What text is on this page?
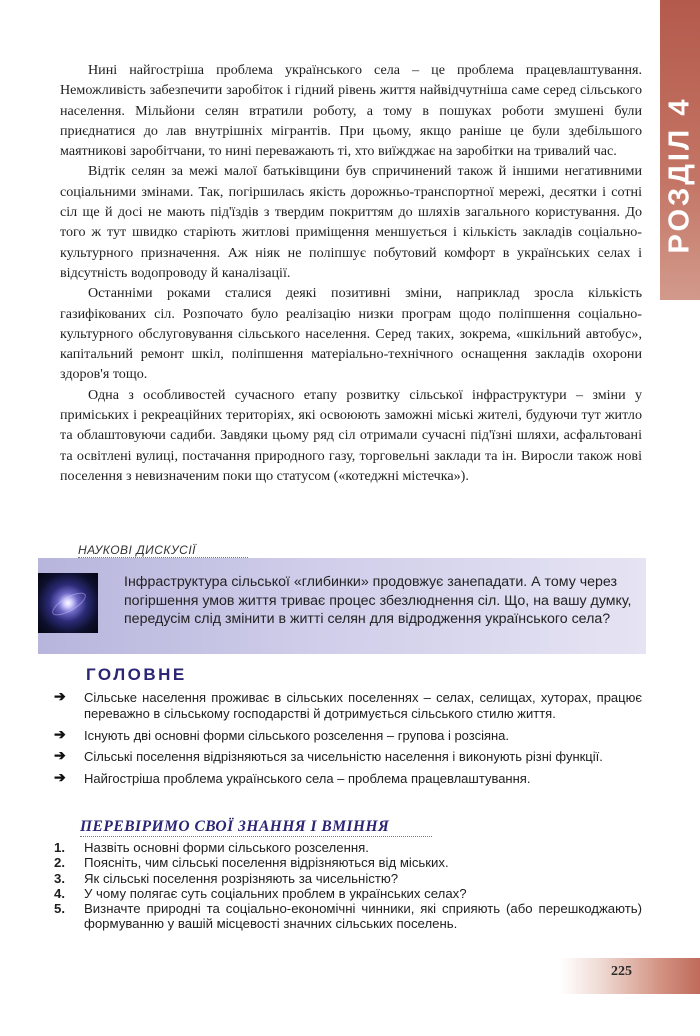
РОЗДІЛ 4

Нині найгостріша проблема українського села – це проблема працевлаштування. Неможливість забезпечити заробіток і гідний рівень життя найвідчутніша саме серед сільського населення. Мільйони селян втратили роботу, а тому в пошуках роботи змушені були приєднатися до лав внутрішніх мігрантів. При цьому, якщо раніше це були здебільшого маятникові заробітчани, то нині переважають ті, хто виїжджає на заробітки на тривалий час.

Відтік селян за межі малої батьківщини був спричинений також й іншими негативними соціальними змінами. Так, погіршилась якість дорожньо-транспортної мережі, десятки і сотні сіл ще й досі не мають під'їздів з твердим покриттям до шляхів загального користування. До того ж тут швидко старіють житлові приміщення меншується і кількість закладів соціально-культурного призначення. Аж ніяк не поліпшує побутовий комфорт в українських селах і відсутність водопроводу й каналізації.

Останніми роками сталися деякі позитивні зміни, наприклад зросла кількість газифікованих сіл. Розпочато було реалізацію низки програм щодо поліпшення соціально-культурного обслуговування сільського населення. Серед таких, зокрема, «шкільний автобус», капітальний ремонт шкіл, поліпшення матеріально-технічного оснащення закладів охорони здоров'я тощо.

Одна з особливостей сучасного етапу розвитку сільської інфраструктури – зміни у приміських і рекреаційних територіях, які освоюють заможні міські жителі, будуючи тут житло та облаштовуючи садиби. Завдяки цьому ряд сіл отримали сучасні під'їзні шляхи, асфальтовані та освітлені вулиці, постачання природного газу, торговельні заклади та ін. Виросли також нові поселення з невизначеним поки що статусом («котеджні містечка»).

НАУКОВІ ДИСКУСІЇ
Інфраструктура сільської «глибинки» продовжує занепадати. А тому через погіршення умов життя триває процес збезлюднення сіл. Що, на вашу думку, передусім слід змінити в житті селян для відродження українського села?
ГОЛОВНЕ
➔ Сільське населення проживає в сільських поселеннях – селах, селищах, хуторах, працює переважно в сільському господарстві й дотримується сільського стилю життя.
➔ Існують дві основні форми сільського розселення – групова і розсіяна.
➔ Сільські поселення відрізняються за чисельністю населення і виконують різні функції.
➔ Найгостріша проблема українського села – проблема працевлаштування.
ПЕРЕВІРИМО СВОЇ ЗНАННЯ І ВМІННЯ
1. Назвіть основні форми сільського розселення.
2. Поясніть, чим сільські поселення відрізняються від міських.
3. Як сільські поселення розрізняють за чисельністю?
4. У чому полягає суть соціальних проблем в українських селах?
5. Визначте природні та соціально-економічні чинники, які сприяють (або перешкоджають) формуванню у вашій місцевості значних сільських поселень.
225
